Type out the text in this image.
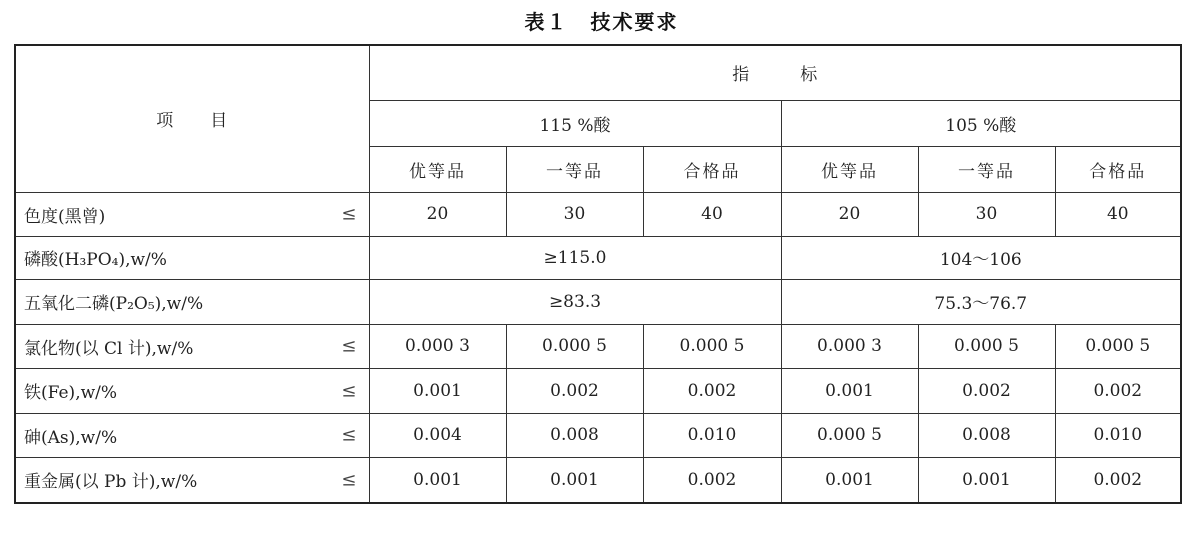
表１　技术要求
项　　目	指　　　标					
	115 %酸			105 %酸		
	优等品	一等品	合格品	优等品	一等品	合格品
色度(黑曾) ≤	20	30	40	20	30	40
磷酸(H₃PO₄),w/%	≥115.0			104～106		
五氧化二磷(P₂O₅),w/%	≥83.3			75.3～76.7		
氯化物(以 Cl 计),w/% ≤	0.000 3	0.000 5	0.000 5	0.000 3	0.000 5	0.000 5
铁(Fe),w/% ≤	0.001	0.002	0.002	0.001	0.002	0.002
砷(As),w/% ≤	0.004	0.008	0.010	0.000 5	0.008	0.010
重金属(以 Pb 计),w/% ≤	0.001	0.001	0.002	0.001	0.001	0.002
